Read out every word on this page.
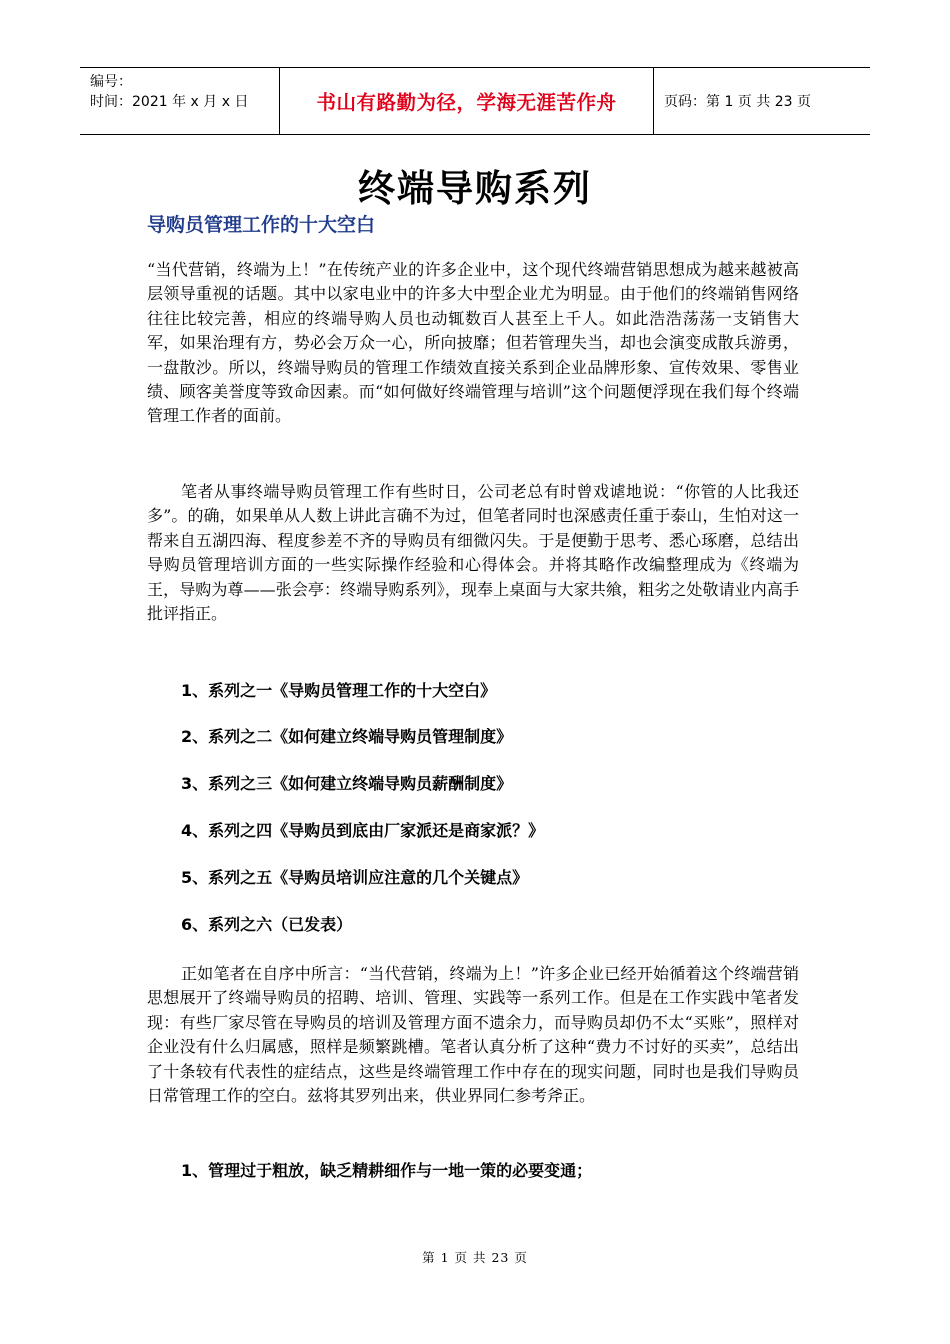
编号：
时间：2021 年 x 月 x 日	书山有路勤为径，学海无涯苦作舟	页码：第 1 页 共 23 页
终端导购系列
导购员管理工作的十大空白
“当代营销，终端为上！”在传统产业的许多企业中，这个现代终端营销思想成为越来越被高层领导重视的话题。其中以家电业中的许多大中型企业尤为明显。由于他们的终端销售网络往往比较完善，相应的终端导购人员也动辄数百人甚至上千人。如此浩浩荡荡一支销售大军，如果治理有方，势必会万众一心，所向披靡；但若管理失当，却也会演变成散兵游勇，一盘散沙。所以，终端导购员的管理工作绩效直接关系到企业品牌形象、宣传效果、零售业绩、顾客美誉度等致命因素。而“如何做好终端管理与培训”这个问题便浮现在我们每个终端管理工作者的面前。
笔者从事终端导购员管理工作有些时日，公司老总有时曾戏谑地说：“你管的人比我还多”。的确，如果单从人数上讲此言确不为过，但笔者同时也深感责任重于泰山，生怕对这一帮来自五湖四海、程度参差不齐的导购员有细微闪失。于是便勤于思考、悉心琢磨，总结出导购员管理培训方面的一些实际操作经验和心得体会。并将其略作改编整理成为《终端为王，导购为尊——张会亭：终端导购系列》，现奉上桌面与大家共飨，粗劣之处敬请业内高手批评指正。
1、系列之一《导购员管理工作的十大空白》
2、系列之二《如何建立终端导购员管理制度》
3、系列之三《如何建立终端导购员薪酬制度》
4、系列之四《导购员到底由厂家派还是商家派？》
5、系列之五《导购员培训应注意的几个关键点》
6、系列之六（已发表）
正如笔者在自序中所言：“当代营销，终端为上！”许多企业已经开始循着这个终端营销思想展开了终端导购员的招聘、培训、管理、实践等一系列工作。但是在工作实践中笔者发现：有些厂家尽管在导购员的培训及管理方面不遗余力，而导购员却仍不太“买账”，照样对企业没有什么归属感，照样是频繁跳槽。笔者认真分析了这种“费力不讨好的买卖”，总结出了十条较有代表性的症结点，这些是终端管理工作中存在的现实问题，同时也是我们导购员日常管理工作的空白。兹将其罗列出来，供业界同仁参考斧正。
1、管理过于粗放，缺乏精耕细作与一地一策的必要变通；
第 1 页 共 23 页
